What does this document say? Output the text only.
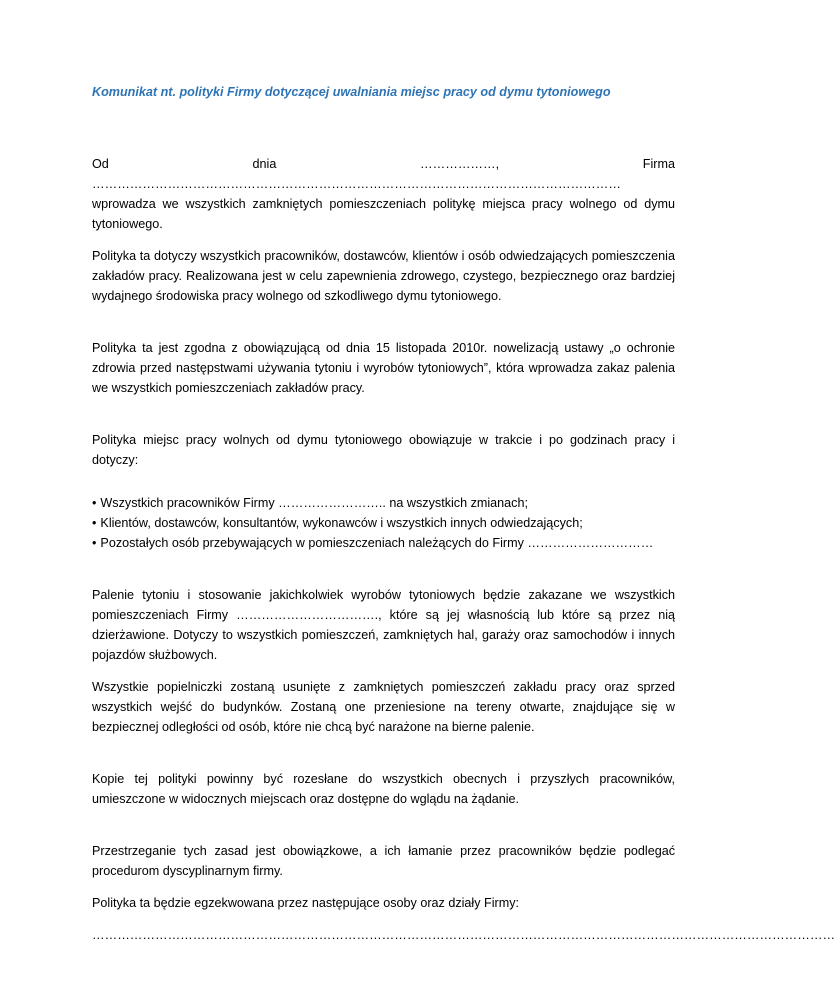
Komunikat nt. polityki Firmy dotyczącej uwalniania miejsc pracy od dymu tytoniowego

Od dnia ………………, Firma ………………………………………………………………………………………………………………

wprowadza we wszystkich zamkniętych pomieszczeniach politykę miejsca pracy wolnego od dymu tytoniowego.

Polityka ta dotyczy wszystkich pracowników, dostawców, klientów i osób odwiedzających pomieszczenia zakładów pracy. Realizowana jest w celu zapewnienia zdrowego, czystego, bezpiecznego oraz bardziej wydajnego środowiska pracy wolnego od szkodliwego dymu tytoniowego.

Polityka ta jest zgodna z obowiązującą od dnia 15 listopada 2010r. nowelizacją ustawy „o ochronie zdrowia przed następstwami używania tytoniu i wyrobów tytoniowych”, która wprowadza zakaz palenia we wszystkich pomieszczeniach zakładów pracy.

Polityka miejsc pracy wolnych od dymu tytoniowego obowiązuje w trakcie i po godzinach pracy i dotyczy:

• Wszystkich pracowników Firmy …………………….. na wszystkich zmianach;
• Klientów, dostawców, konsultantów, wykonawców i wszystkich innych odwiedzających;
• Pozostałych osób przebywających w pomieszczeniach należących do Firmy …………………………

Palenie tytoniu i stosowanie jakichkolwiek wyrobów tytoniowych będzie zakazane we wszystkich pomieszczeniach Firmy ……………………………., które są jej własnością lub które są przez nią dzierżawione. Dotyczy to wszystkich pomieszczeń, zamkniętych hal, garaży oraz samochodów i innych pojazdów służbowych.

Wszystkie popielniczki zostaną usunięte z zamkniętych pomieszczeń zakładu pracy oraz sprzed wszystkich wejść do budynków. Zostaną one przeniesione na tereny otwarte, znajdujące się w bezpiecznej odległości od osób, które nie chcą być narażone na bierne palenie.

Kopie tej polityki powinny być rozesłane do wszystkich obecnych i przyszłych pracowników, umieszczone w widocznych miejscach oraz dostępne do wglądu na żądanie.

Przestrzeganie tych zasad jest obowiązkowe, a ich łamanie przez pracowników będzie podlegać procedurom dyscyplinarnym firmy.

Polityka ta będzie egzekwowana przez następujące osoby oraz działy Firmy:

……………………………………………………………………………………………………………………………………………………………
